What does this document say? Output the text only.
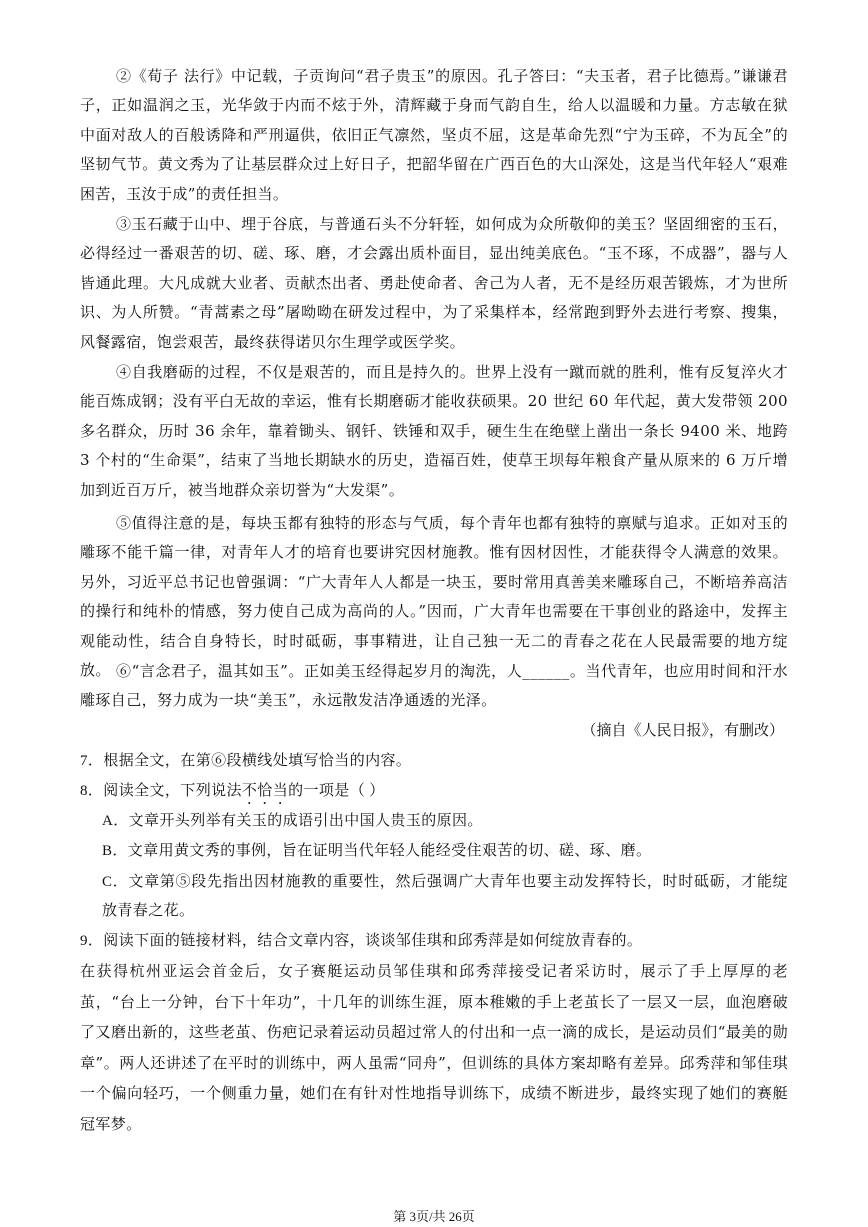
②《荀子 法行》中记载，子贡询问“君子贵玉”的原因。孔子答曰：“夫玉者，君子比德焉。”谦谦君子，正如温润之玉，光华敛于内而不炫于外，清辉藏于身而气韵自生，给人以温暖和力量。方志敏在狱中面对敌人的百般诱降和严刑逼供，依旧正气凛然，坚贞不屈，这是革命先烈“宁为玉碎，不为瓦全”的坚韧气节。黄文秀为了让基层群众过上好日子，把韶华留在广西百色的大山深处，这是当代年轻人“艰难困苦，玉汝于成”的责任担当。
③玉石藏于山中、埋于谷底，与普通石头不分轩轾，如何成为众所敬仰的美玉？坚固细密的玉石，必得经过一番艰苦的切、磋、琢、磨，才会露出质朴面目，显出纯美底色。“玉不琢，不成器”，器与人皆通此理。大凡成就大业者、贡献杰出者、勇赴使命者、舍己为人者，无不是经历艰苦锻炼，才为世所识、为人所赞。“青蒿素之母”屠呦呦在研发过程中，为了采集样本，经常跑到野外去进行考察、搜集，风餐露宿，饱尝艰苦，最终获得诺贝尔生理学或医学奖。
④自我磨砺的过程，不仅是艰苦的，而且是持久的。世界上没有一蹴而就的胜利，惟有反复淬火才能百炼成钢；没有平白无故的幸运，惟有长期磨砺才能收获硕果。20 世纪 60 年代起，黄大发带领 200 多名群众，历时 36 余年，靠着锄头、钢钎、铁锤和双手，硬生生在绝壁上凿出一条长 9400 米、地跨 3 个村的“生命渠”，结束了当地长期缺水的历史，造福百姓，使草王坝每年粮食产量从原来的 6 万斤增加到近百万斤，被当地群众亲切誉为“大发渠”。
⑤值得注意的是，每块玉都有独特的形态与气质，每个青年也都有独特的禀赋与追求。正如对玉的雕琢不能千篇一律，对青年人才的培育也要讲究因材施教。惟有因材因性，才能获得令人满意的效果。另外，习近平总书记也曾强调：“广大青年人人都是一块玉，要时常用真善美来雕琢自己，不断培养高洁的操行和纯朴的情感，努力使自己成为高尚的人。”因而，广大青年也需要在干事创业的路途中，发挥主观能动性，结合自身特长，时时砥砺，事事精进，让自己独一无二的青春之花在人民最需要的地方绽放。 ⑥“言念君子，温其如玉”。正如美玉经得起岁月的淘洗，人______。当代青年，也应用时间和汗水雕琢自己，努力成为一块“美玉”，永远散发洁净通透的光泽。
（摘自《人民日报》，有删改）
7．根据全文，在第⑥段横线处填写恰当的内容。
8．阅读全文，下列说法不恰当的一项是（ ）
A．文章开头列举有关玉的成语引出中国人贵玉的原因。
B．文章用黄文秀的事例，旨在证明当代年轻人能经受住艰苦的切、磋、琢、磨。
C．文章第⑤段先指出因材施教的重要性，然后强调广大青年也要主动发挥特长，时时砥砺，才能绽放青春之花。
9．阅读下面的链接材料，结合文章内容，谈谈邹佳琪和邱秀萍是如何绽放青春的。
在获得杭州亚运会首金后，女子赛艇运动员邹佳琪和邱秀萍接受记者采访时，展示了手上厚厚的老茧，“台上一分钟，台下十年功”，十几年的训练生涯，原本稚嫩的手上老茧长了一层又一层，血泡磨破了又磨出新的，这些老茧、伤疤记录着运动员超过常人的付出和一点一滴的成长，是运动员们“最美的勋章”。两人还讲述了在平时的训练中，两人虽需“同舟”，但训练的具体方案却略有差异。邱秀萍和邹佳琪一个偏向轻巧，一个侧重力量，她们在有针对性地指导训练下，成绩不断进步，最终实现了她们的赛艇冠军梦。
第 3页/共 26页
